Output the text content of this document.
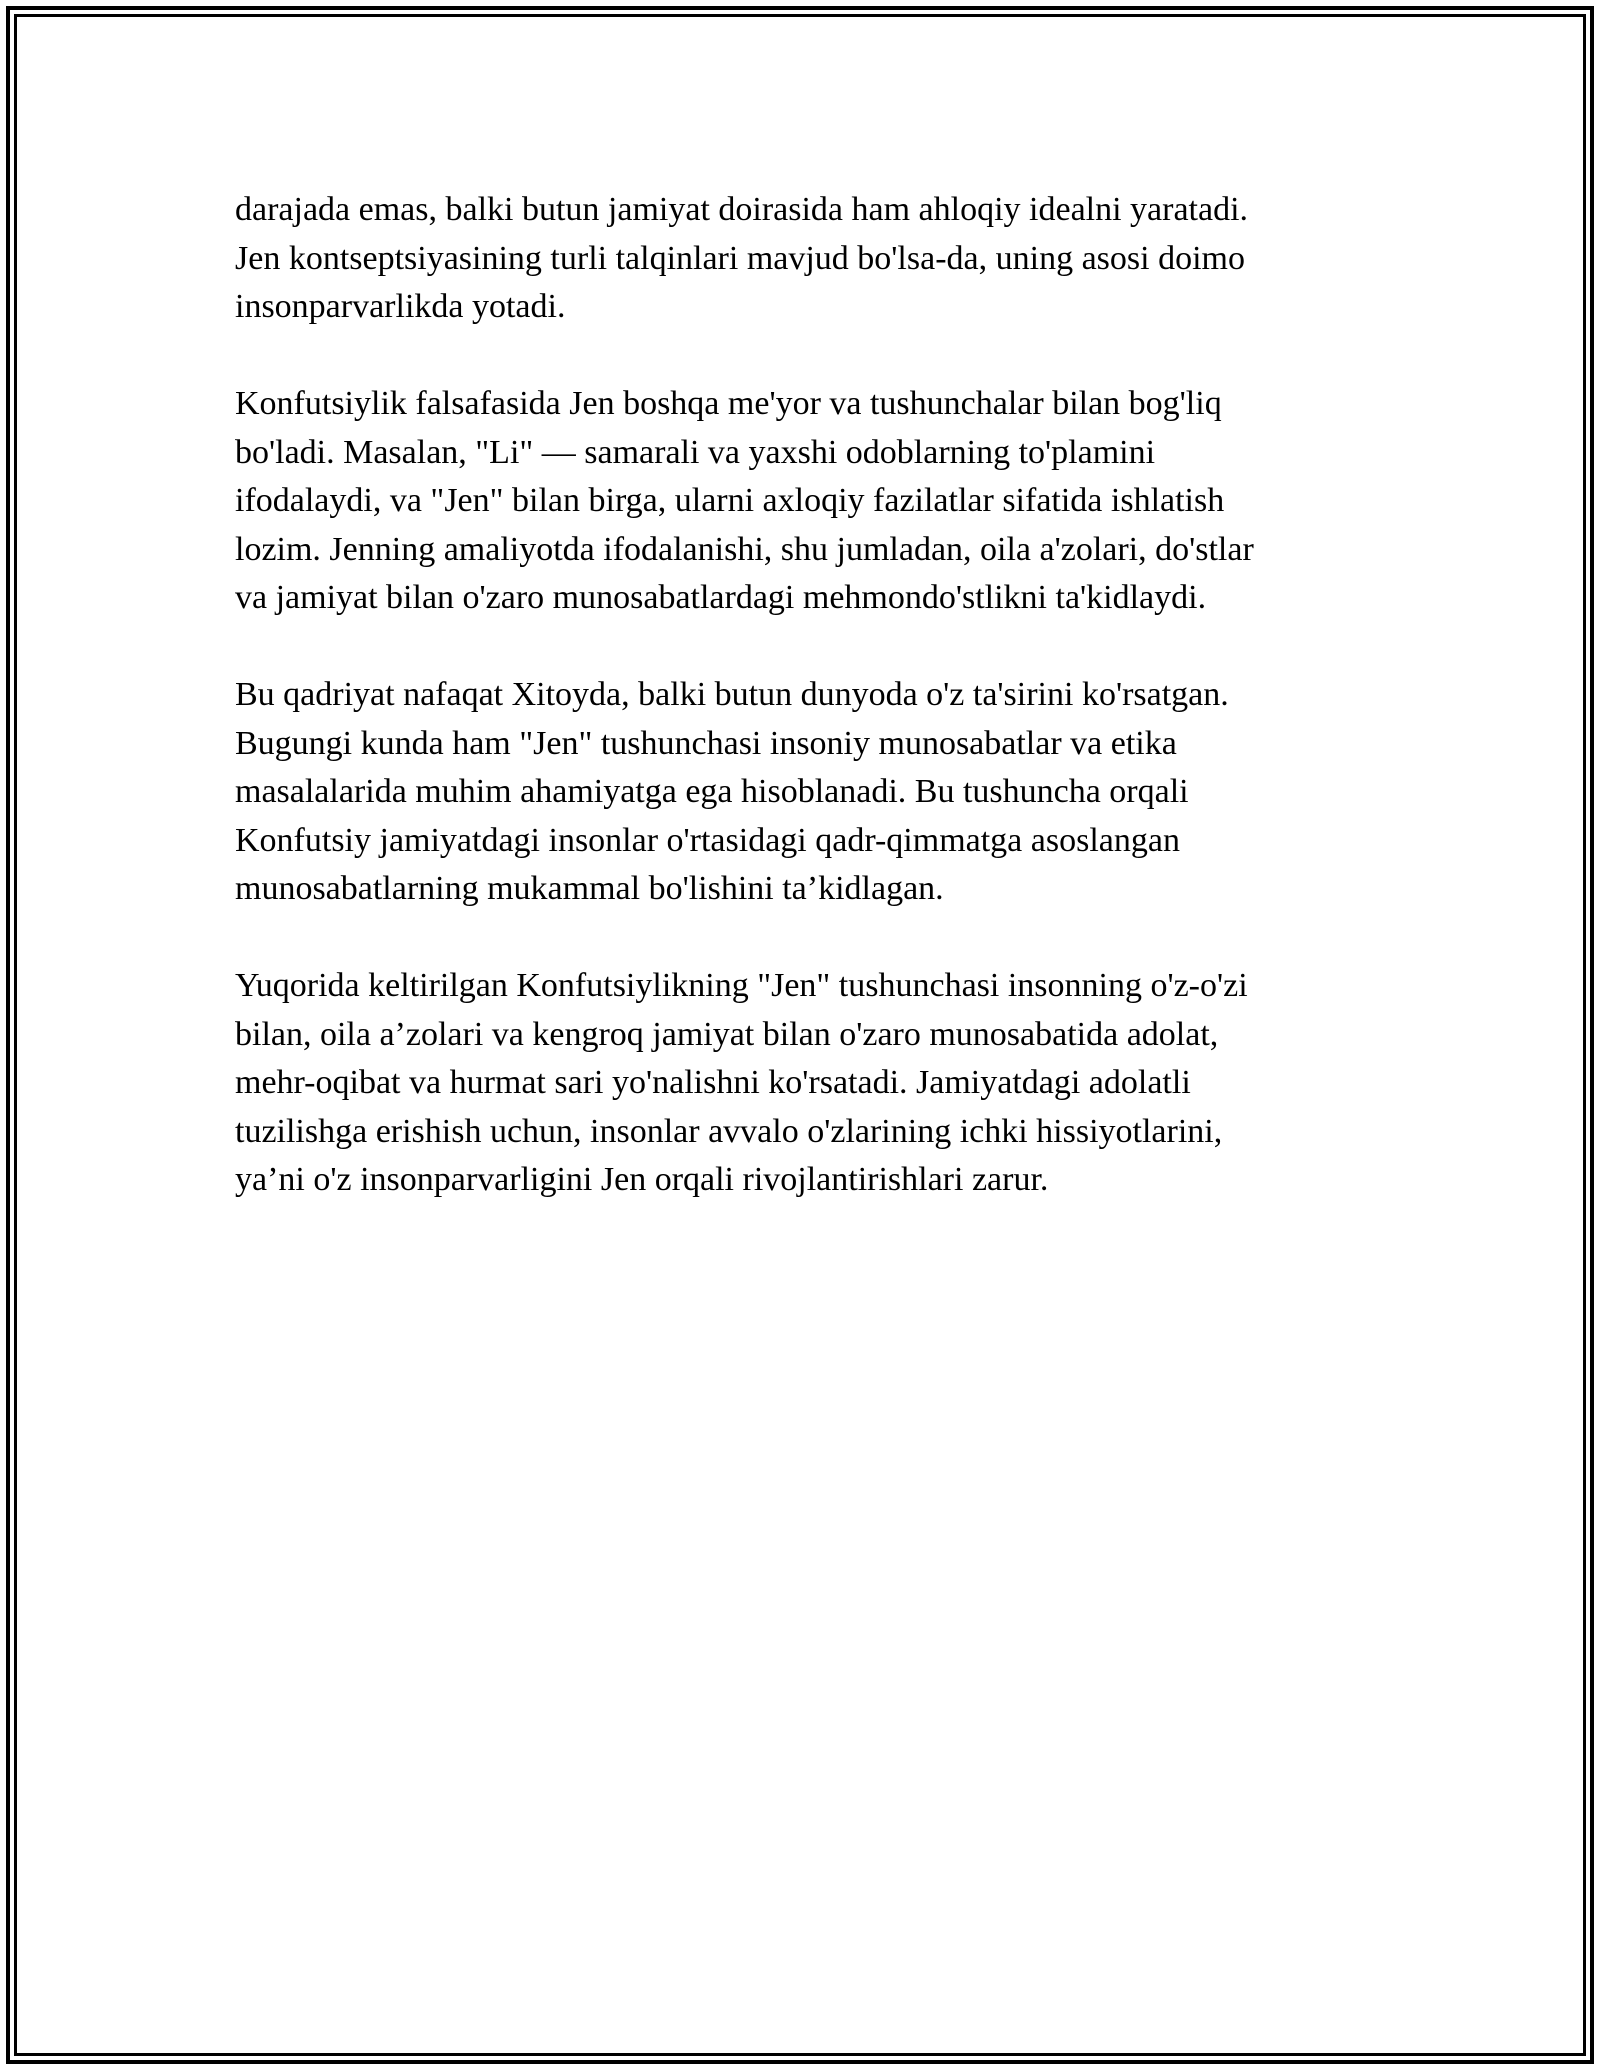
darajada emas, balki butun jamiyat doirasida ham ahloqiy idealni yaratadi.
Jen kontseptsiyasining turli talqinlari mavjud bo'lsa-da, uning asosi doimo
insonparvarlikda yotadi.

Konfutsiylik falsafasida Jen boshqa me'yor va tushunchalar bilan bog'liq
bo'ladi. Masalan, "Li" — samarali va yaxshi odoblarning to'plamini
ifodalaydi, va "Jen" bilan birga, ularni axloqiy fazilatlar sifatida ishlatish
lozim. Jenning amaliyotda ifodalanishi, shu jumladan, oila a'zolari, do'stlar
va jamiyat bilan o'zaro munosabatlardagi mehmondo'stlikni ta'kidlaydi.

Bu qadriyat nafaqat Xitoyda, balki butun dunyoda o'z ta'sirini ko'rsatgan.
Bugungi kunda ham "Jen" tushunchasi insoniy munosabatlar va etika
masalalarida muhim ahamiyatga ega hisoblanadi. Bu tushuncha orqali
Konfutsiy jamiyatdagi insonlar o'rtasidagi qadr-qimmatga asoslangan
munosabatlarning mukammal bo'lishini ta’kidlagan.

Yuqorida keltirilgan Konfutsiylikning "Jen" tushunchasi insonning o'z-o'zi
bilan, oila a’zolari va kengroq jamiyat bilan o'zaro munosabatida adolat,
mehr-oqibat va hurmat sari yo'nalishni ko'rsatadi. Jamiyatdagi adolatli
tuzilishga erishish uchun, insonlar avvalo o'zlarining ichki hissiyotlarini,
ya’ni o'z insonparvarligini Jen orqali rivojlantirishlari zarur.
